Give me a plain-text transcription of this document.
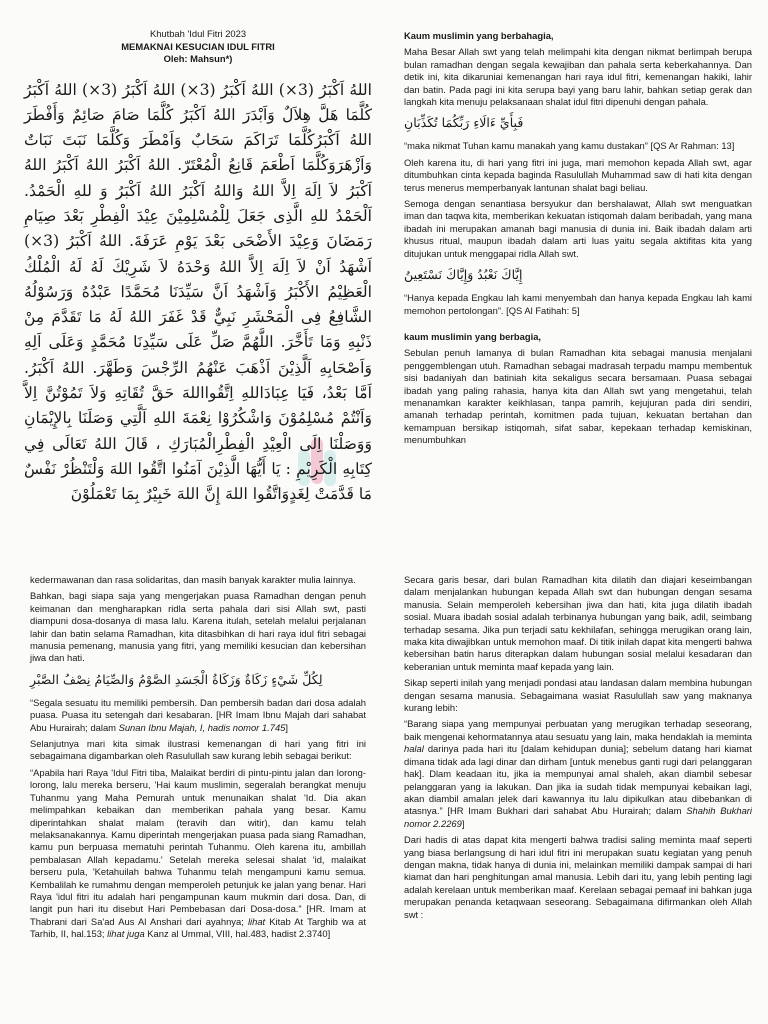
Khutbah 'Idul Fitri 2023
MEMAKNAI KESUCIAN IDUL FITRI
Oleh: Mahsun*)
اللهُ اَكْبَرُ (3×) اللهُ اَكْبَرُ (3×) اللهُ اَكْبَرُ (3×) اللهُ اَكْبَرُ كُلَّمَا هَلَّ هِلاَلٌ وَاَبْدَرَ اللهُ اَكْبَرُ كُلَّمَا صَامَ صَائِمٌ وَأَفْطَرَ اللهُ اَكْبَرُكُلَّمَا تَرَاكَمَ سَحَابٌ وَاَمْطَرَ وَكُلَّمَا نَبَتَ نَبَاتٌ وَاَزْهَرَوَكُلَّمَا اَطْعَمَ قَانِعُ الْمُعْتَرّ. اللهُ اَكْبَرُ اللهُ اَكْبَرُ اللهُ اَكْبَرُ لاَ اِلَهَ اِلاَّ اللهُ وَاللهُ اَكْبَرُ اللهُ اَكْبَرُ وَ للهِ الْحَمْدُ. اَلْحَمْدُ للهِ الَّذِى جَعَلَ لِلْمُسْلِمِيْنَ عِيْدَ الْفِطْرِ بَعْدَ صِيَامِ رَمَضَانَ وَعِيْدَ الأَضْحَى بَعْدَ يَوْمِ عَرَفَةَ. اللهُ اَكْبَرُ (3×) اَشْهَدُ اَنْ لاَ اِلَهَ اِلاَّ اللهُ وَحْدَهُ لاَ شَرِيْكَ لَهُ لَهُ الْمُلْكُ الْعَظِيْمُ الأَكْبَرُ وَاَشْهَدُ اَنَّ سَيِّدَنَا مُحَمَّدًا عَبْدُهُ وَرَسُوْلُهُ الشَّافِعُ فِى الْمَحْشَرِ نَبِيٌّ قَدْ غَفَرَ اللهُ لَهُ مَا تَقَدَّمَ مِنْ ذَنْبِهِ وَمَا تَأَخَّرَ. اللَّهُمَّ صَلِّ عَلَى سَيِّدِنَا مُحَمَّدٍ وَعَلَى اَلِهِ وَاَصْحَابِهِ اَلَّذِيْنَ اَذْهَبَ عَنْهُمُ الرِّجْسَ وَطَهَّرَ. اللهُ اَكْبَرُ. اَمَّا بَعْدُ، فَيَا عِبَادَاللهِ اِتَّقُوااللهَ حَقَّ تُقَاتِهِ وَلاَ تَمُوْتُنَّ اِلاَّ وَاَنْتُمْ مُسْلِمُوْنَ وَاشْكُرُوْا نِعْمَةَ اللهِ اَلَّتِي وَصَلَنَا بِالإِيْمَانِ وَوَصَلْنَا اِلَى الْعِيْدِ الْفِطْرِالْمُبَارَكِ ، قَالَ اللهُ تَعَالَى فِي كِتَابِهِ الْكَرِيْمِ : يَا أَيُّهَا الَّذِيْنَ آمَنُوا اتَّقُوا اللهَ وَلْتَنْظُرْ نَفْسٌ مَا قَدَّمَتْ لِغَدٍوَاتَّقُوا اللهَ إِنَّ اللهَ خَبِيْرٌ بِمَا تَعْمَلُوْنَ

Kaum muslimin yang berbahagia,

Maha Besar Allah swt yang telah melimpahi kita dengan nikmat berlimpah berupa bulan ramadhan dengan segala kewajiban dan pahala serta keberkahannya. Dan detik ini, kita dikaruniai kemenangan hari raya idul fitri, kemenangan hakiki, lahir dan batin. Pada pagi ini kita serupa bayi yang baru lahir, bahkan setiap gerak dan langkah kita menuju pelaksanaan shalat idul fitri dipenuhi dengan pahala.

فَبِأَيِّ ءَالَاءِ رَبِّكُمَا تُكَذِّبَانِ

“maka nikmat Tuhan kamu manakah yang kamu dustakan” [QS Ar Rahman: 13]

Oleh karena itu, di hari yang fitri ini juga, mari memohon kepada Allah swt, agar ditumbuhkan cinta kepada baginda Rasulullah Muhammad saw di hati kita dengan terus menerus memperbanyak lantunan shalat bagi beliau.

Semoga dengan senantiasa bersyukur dan bershalawat, Allah swt menguatkan iman dan taqwa kita, memberikan kekuatan istiqomah dalam beribadah, yang mana ibadah ini merupakan amanah bagi manusia di dunia ini. Baik ibadah dalam arti khusus ritual, maupun ibadah dalam arti luas yaitu segala aktifitas kita yang ditujukan untuk menggapai ridla Allah swt.

إِيَّاكَ نَعْبُدُ وَإِيَّاكَ نَسْتَعِينُ

“Hanya kepada Engkau lah kami menyembah dan hanya kepada Engkau lah kami memohon pertolongan”. [QS Al Fatihah: 5]

kaum muslimin yang berbagia,

Sebulan penuh lamanya di bulan Ramadhan kita sebagai manusia menjalani penggemblengan utuh. Ramadhan sebagai madrasah terpadu mampu membentuk sisi badaniyah dan batiniah kita sekaligus secara bersamaan. Puasa sebagai ibadah yang paling rahasia, hanya kita dan Allah swt yang mengetahui, telah menanamkan karakter keikhlasan, tanpa pamrih, kejujuran pada diri sendiri, amanah terhadap perintah, komitmen pada tujuan, kekuatan bertahan dan kemampuan bersikap istiqomah, sifat sabar, kepekaan terhadap kemiskinan, menumbuhkan

kedermawanan dan rasa solidaritas, dan masih banyak karakter mulia lainnya.

Bahkan, bagi siapa saja yang mengerjakan puasa Ramadhan dengan penuh keimanan dan mengharapkan ridla serta pahala dari sisi Allah swt, pasti diampuni dosa-dosanya di masa lalu. Karena itulah, setelah melalui perjalanan lahir dan batin selama Ramadhan, kita ditasbihkan di hari raya idul fitri sebagai manusia pemenang, manusia yang fitri, yang memiliki kesucian dan kebersihan jiwa dan hati.

لِكُلِّ شَيْءٍ زَكَاةٌ وَزَكَاةُ الْجَسَدِ الصَّوْمُ وَالصِّيَامُ نِصْفُ الصَّبْرِ

“Segala sesuatu itu memiliki pembersih. Dan pembersih badan dari dosa adalah puasa. Puasa itu setengah dari kesabaran. [HR Imam Ibnu Majah dari sahabat Abu Hurairah; dalam Sunan Ibnu Majah, I, hadis nomor 1.745]

Selanjutnya mari kita simak ilustrasi kemenangan di hari yang fitri ini sebagaimana digambarkan oleh Rasulullah saw kurang lebih sebagai berikut:

“Apabila hari Raya 'Idul Fitri tiba, Malaikat berdiri di pintu-pintu jalan dan lorong-lorong, lalu mereka berseru, 'Hai kaum muslimin, segeralah berangkat menuju Tuhanmu yang Maha Pemurah untuk menunaikan shalat 'Id. Dia akan melimpahkan kebaikan dan memberikan pahala yang besar. Kamu diperintahkan shalat malam (teravih dan witir), dan kamu telah melaksanakannya. Kamu diperintah mengerjakan puasa pada siang Ramadhan, kamu pun berpuasa mematuhi perintah Tuhanmu. Oleh karena itu, ambillah pembalasan Allah kepadamu.' Setelah mereka selesai shalat 'id, malaikat berseru pula, 'Ketahuilah bahwa Tuhanmu telah mengampuni kamu semua. Kembalilah ke rumahmu dengan memperoleh petunjuk ke jalan yang benar. Hari Raya 'idul fitri itu adalah hari pengampunan kaum mukmin dari dosa. Dan, di langit pun hari itu disebut Hari Pembebasan dari Dosa-dosa.” [HR. Imam at Thabrani dari Sa'ad Aus Al Anshari dari ayahnya; lihat Kitab At Targhib wa at Tarhib, II, hal.153; lihat juga Kanz al Ummal, VIII, hal.483, hadist 2.3740]

Secara garis besar, dari bulan Ramadhan kita dilatih dan diajari keseimbangan dalam menjalankan hubungan kepada Allah swt dan hubungan dengan sesama manusia. Selain memperoleh kebersihan jiwa dan hati, kita juga dilatih ibadah sosial. Muara ibadah sosial adalah terbinanya hubungan yang baik, adil, seimbang terhadap sesama. Jika pun terjadi satu kekhilafan, sehingga merugikan orang lain, maka kita diwajibkan untuk memohon maaf. Di titik inilah dapat kita mengerti bahwa kebersihan batin harus diterapkan dalam hubungan sosial melalui kesadaran dan keberanian untuk meminta maaf kepada yang lain.

Sikap seperti inilah yang menjadi pondasi atau landasan dalam membina hubungan dengan sesama manusia. Sebagaimana wasiat Rasulullah saw yang maknanya kurang lebih:

“Barang siapa yang mempunyai perbuatan yang merugikan terhadap seseorang, baik mengenai kehormatannya atau sesuatu yang lain, maka hendaklah ia meminta halal darinya pada hari itu [dalam kehidupan dunia]; sebelum datang hari kiamat dimana tidak ada lagi dinar dan dirham [untuk menebus ganti rugi dari pelanggaran hak]. Dlam keadaan itu, jika ia mempunyai amal shaleh, akan diambil sebesar pelanggaran yang ia lakukan. Dan jika ia sudah tidak mempunyai kebaikan lagi, akan diambil amalan jelek dari kawannya itu lalu dipikulkan atau dibebankan di atasnya.” [HR Imam Bukhari dari sahabat Abu Hurairah; dalam Shahih Bukhari nomor 2.2269]

Dari hadis di atas dapat kita mengerti bahwa tradisi saling meminta maaf seperti yang biasa berlangsung di hari idul fitri ini merupakan suatu kegiatan yang penuh dengan makna, tidak hanya di dunia ini, melainkan memiliki dampak sampai di hari kiamat dan hari penghitungan amal manusia. Lebih dari itu, yang lebih penting lagi adalah kerelaan untuk memberikan maaf. Kerelaan sebagai pemaaf ini bahkan juga merupakan penanda ketaqwaan seseorang. Sebagaimana difirmankan oleh Allah swt :
